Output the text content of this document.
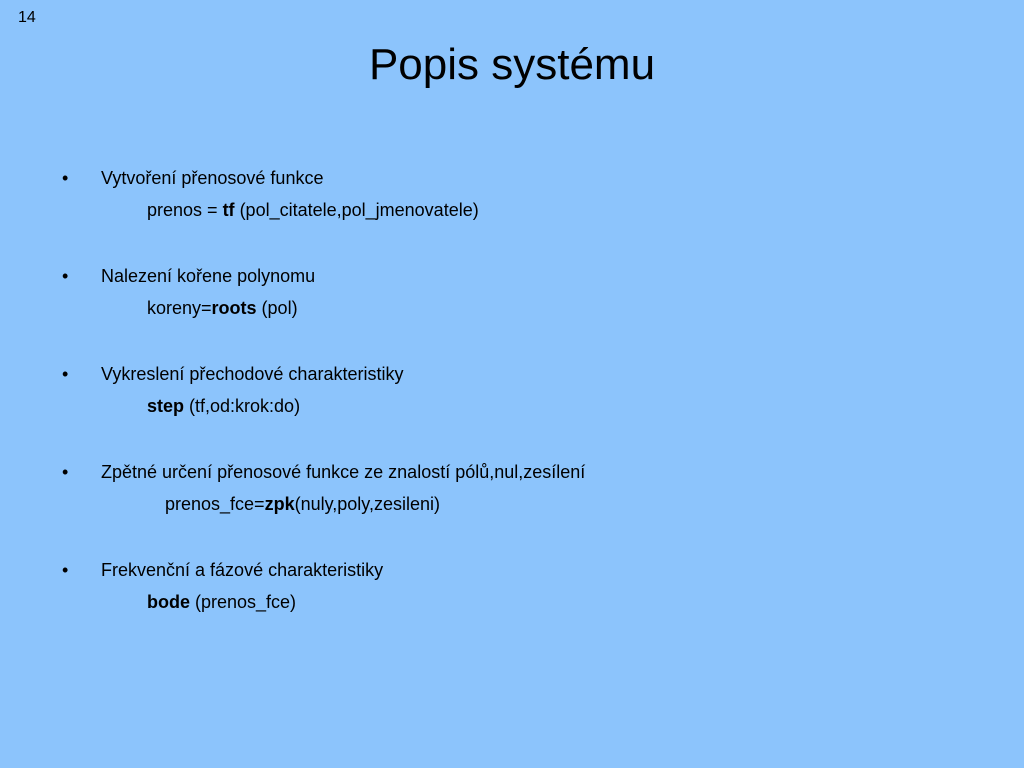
14
Popis systému
• Vytvoření přenosové funkce
prenos = tf (pol_citatele,pol_jmenovatele)
• Nalezení kořene polynomu
koreny=roots (pol)
• Vykreslení přechodové charakteristiky
step (tf,od:krok:do)
• Zpětné určení přenosové funkce ze znalostí pólů,nul,zesílení
prenos_fce=zpk(nuly,poly,zesileni)
• Frekvenční a fázové charakteristiky
bode (prenos_fce)
